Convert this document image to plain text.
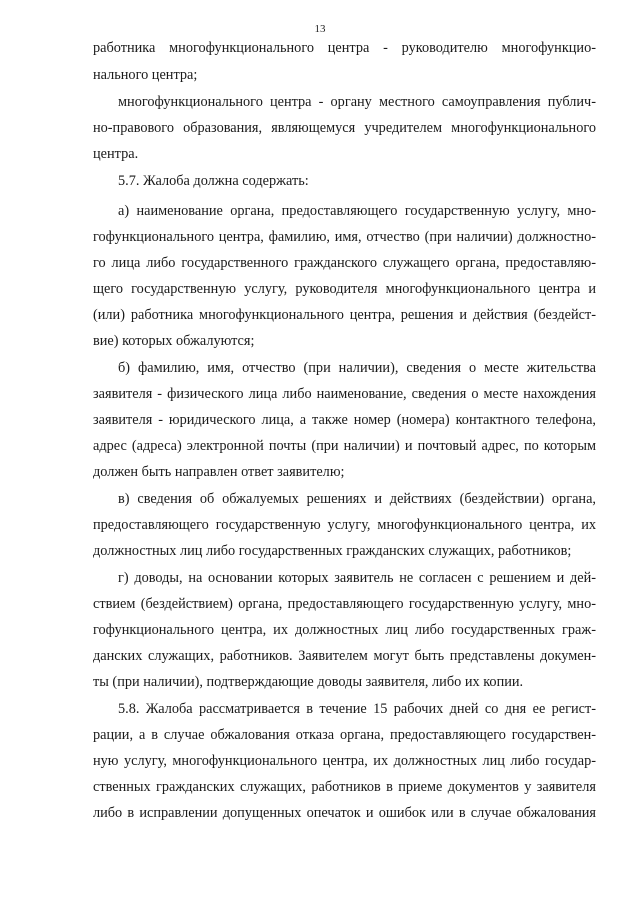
13
работника многофункционального центра - руководителю многофункцио-
нального центра;
многофункционального центра - органу местного самоуправления публич-
но-правового образования, являющемуся учредителем многофункционального
центра.
5.7. Жалоба должна содержать:
а) наименование органа, предоставляющего государственную услугу, мно-
гофункционального центра, фамилию, имя, отчество (при наличии) должностно-
го лица либо государственного гражданского служащего органа, предоставляю-
щего государственную услугу, руководителя многофункционального центра и
(или) работника многофункционального центра, решения и действия (бездейст-
вие) которых обжалуются;
б) фамилию, имя, отчество (при наличии), сведения о месте жительства
заявителя - физического лица либо наименование, сведения о месте нахождения
заявителя - юридического лица, а также номер (номера) контактного телефона,
адрес (адреса) электронной почты (при наличии) и почтовый адрес, по которым
должен быть направлен ответ заявителю;
в) сведения об обжалуемых решениях и действиях (бездействии) органа,
предоставляющего государственную услугу, многофункционального центра, их
должностных лиц либо государственных гражданских служащих, работников;
г) доводы, на основании которых заявитель не согласен с решением и дей-
ствием (бездействием) органа, предоставляющего государственную услугу, мно-
гофункционального центра, их должностных лиц либо государственных граж-
данских служащих, работников. Заявителем могут быть представлены докумен-
ты (при наличии), подтверждающие доводы заявителя, либо их копии.
5.8. Жалоба рассматривается в течение 15 рабочих дней со дня ее регист-
рации, а в случае обжалования отказа органа, предоставляющего государствен-
ную услугу, многофункционального центра, их должностных лиц либо государ-
ственных гражданских служащих, работников в приеме документов у заявителя
либо в исправлении допущенных опечаток и ошибок или в случае обжалования
